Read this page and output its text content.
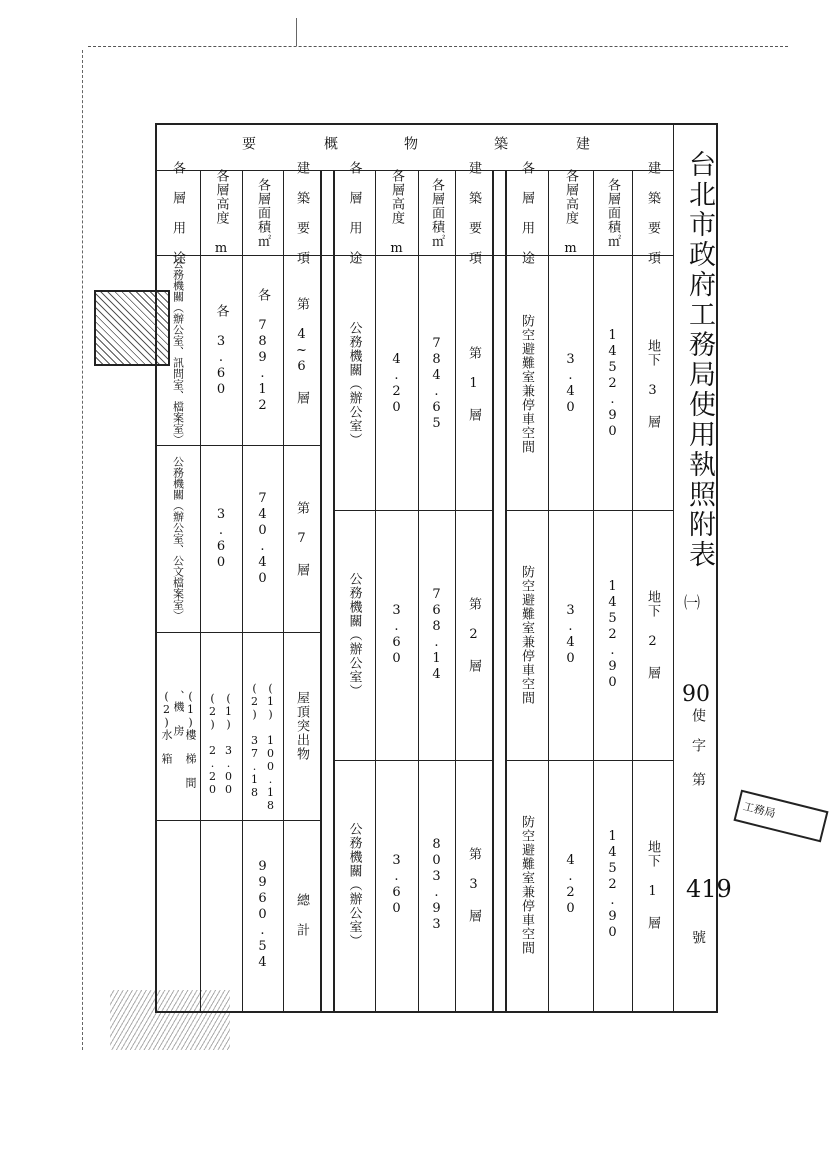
台北市政府工務局使用執照附表
㈠
90
使
字
第
419
號
工務局
建
築
物
概
要
建 築 要 項
各層面積㎡
各層高度 m
各 層 用 途
地下 3 層
1452.90
3.40
防空避難室兼停車空間
地下 2 層
1452.90
3.40
防空避難室兼停車空間
地下 1 層
1452.90
4.20
防空避難室兼停車空間
建 築 要 項
各層面積㎡
各層高度 m
各 層 用 途
第 1 層
784.65
4.20
公務機關（辦公室）
第 2 層
768.14
3.60
公務機關（辦公室）
第 3 層
803.93
3.60
公務機關（辦公室）
建 築 要 項
各層面積㎡
各層高度 m
各 層 用 途
第 4~6 層
各 789.12
各 3.60
公務機關（辦公室、訊問室、檔案室）
第 7 層
740.40
3.60
公務機關（辦公室、公文檔案室）
屋頂突出物
(1) 100.18
(2) 37.18
(1) 3.00
(2) 2.20
(1)樓 梯 間
、機 房
(2)水 箱
總 計
9960.54
